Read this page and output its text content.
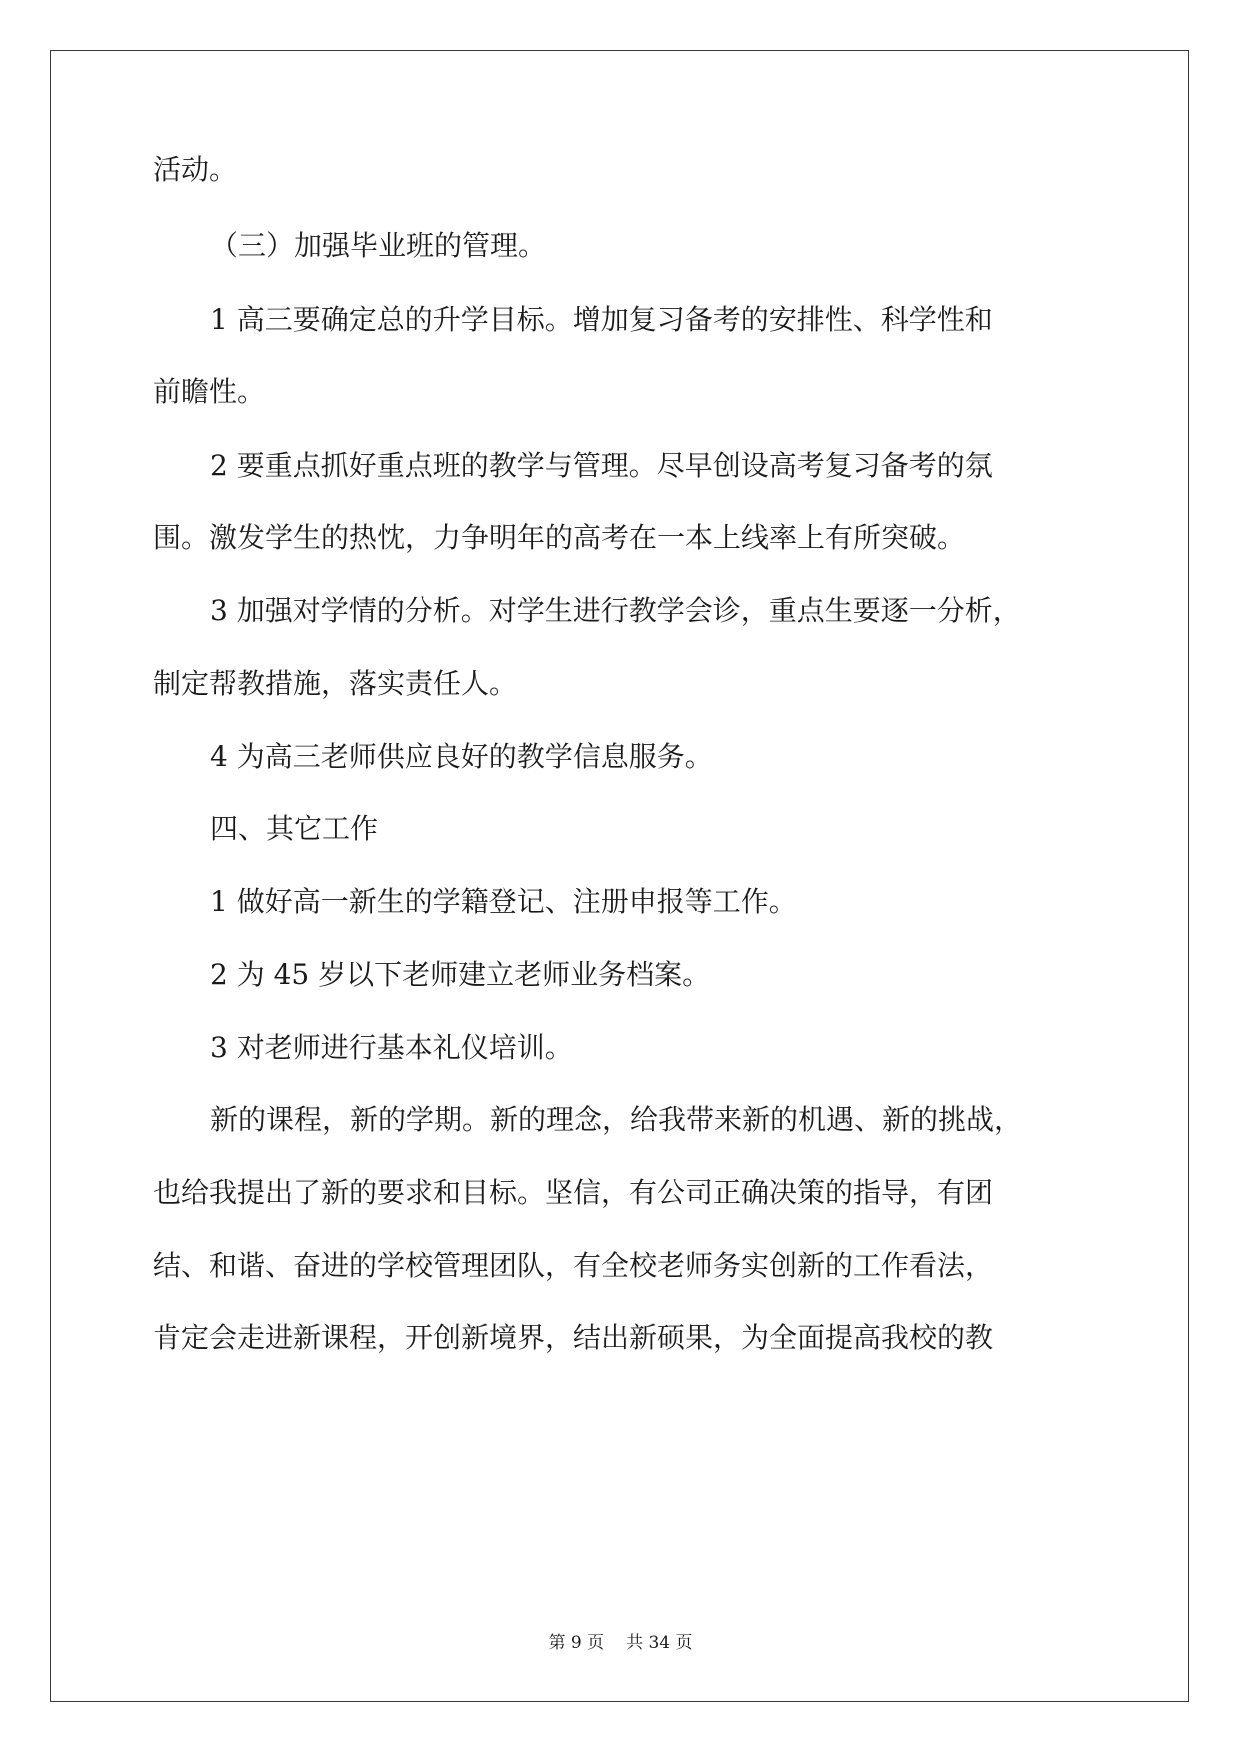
活动。

（三）加强毕业班的管理。

1 高三要确定总的升学目标。增加复习备考的安排性、科学性和

前瞻性。

2 要重点抓好重点班的教学与管理。尽早创设高考复习备考的氛

围。激发学生的热忱，力争明年的高考在一本上线率上有所突破。

3 加强对学情的分析。对学生进行教学会诊，重点生要逐一分析，

制定帮教措施，落实责任人。

4 为高三老师供应良好的教学信息服务。

四、其它工作

1 做好高一新生的学籍登记、注册申报等工作。

2 为 45 岁以下老师建立老师业务档案。

3 对老师进行基本礼仪培训。

新的课程，新的学期。新的理念，给我带来新的机遇、新的挑战，

也给我提出了新的要求和目标。坚信，有公司正确决策的指导，有团

结、和谐、奋进的学校管理团队，有全校老师务实创新的工作看法，

肯定会走进新课程，开创新境界，结出新硕果，为全面提高我校的教

第 9 页 共 34 页
